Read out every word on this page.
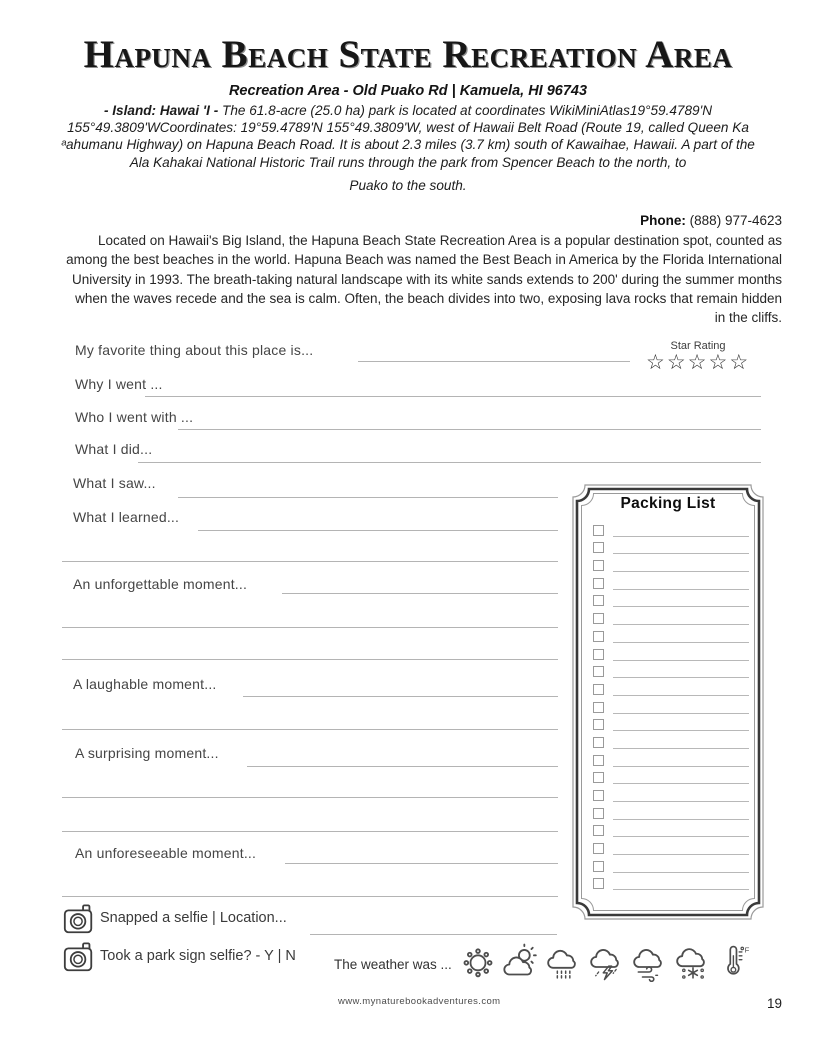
Hapuna Beach State Recreation Area

Recreation Area - Old Puako Rd | Kamuela, HI 96743

- Island: Hawai 'I - The 61.8-acre (25.0 ha) park is located at coordinates WikiMiniAtlas19°59.4789'N 155°49.3809'WCoordinates: 19°59.4789'N 155°49.3809'W, west of Hawaii Belt Road (Route 19, called Queen Ka ᵃahumanu Highway) on Hapuna Beach Road. It is about 2.3 miles (3.7 km) south of Kawaihae, Hawaii. A part of the Ala Kahakai National Historic Trail runs through the park from Spencer Beach to the north, to

Puako to the south.

Phone: (888) 977-4623

Located on Hawaii's Big Island, the Hapuna Beach State Recreation Area is a popular destination spot, counted as among the best beaches in the world. Hapuna Beach was named the Best Beach in America by the Florida International University in 1993. The breath-taking natural landscape with its white sands extends to 200' during the summer months when the waves recede and the sea is calm. Often, the beach divides into two, exposing lava rocks that remain hidden in the cliffs.

My favorite thing about this place is...
Why I went ...
Who I went with ...
What I did...
What I saw...
What I learned...
An unforgettable moment...
A laughable moment...
A surprising moment...
An unforeseeable moment...
Star Rating
☆ ☆ ☆ ☆ ☆

Packing List

Snapped a selfie | Location...
Took a park sign selfie? - Y | N
The weather was ...
F
www.mynaturebookadventures.com	19
